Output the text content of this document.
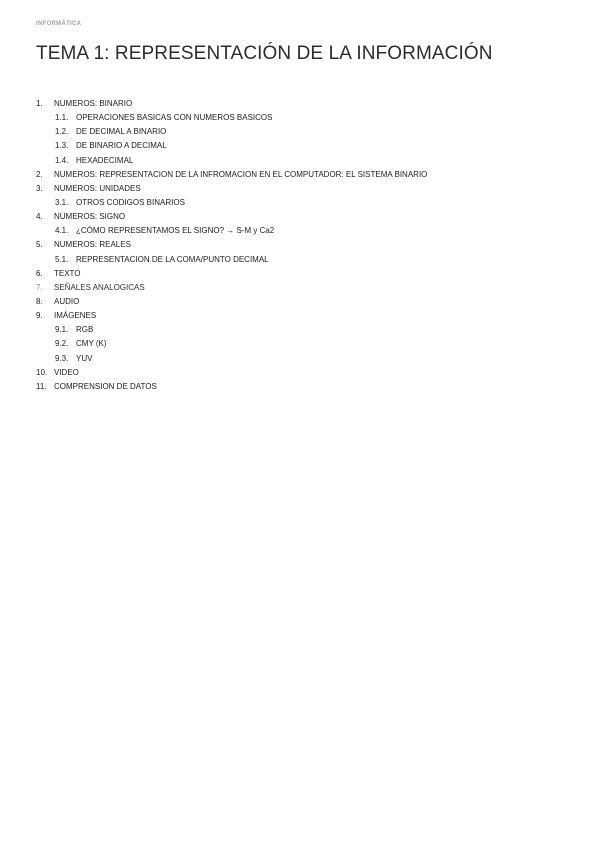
INFORMÁTICA
TEMA 1: REPRESENTACIÓN DE LA INFORMACIÓN
1. NUMEROS: BINARIO
1.1. OPERACIONES BASICAS CON NUMEROS BASICOS
1.2. DE DECIMAL A BINARIO
1.3. DE BINARIO A DECIMAL
1.4. HEXADECIMAL
2. NUMEROS: REPRESENTACION DE LA INFROMACION EN EL COMPUTADOR: EL SISTEMA BINARIO
3. NUMEROS: UNIDADES
3.1. OTROS CODIGOS BINARIOS
4. NUMEROS: SIGNO
4.1. ¿CÓMO REPRESENTAMOS EL SIGNO? → S-M y Ca2
5. NUMEROS: REALES
5.1. REPRESENTACION DE LA COMA/PUNTO DECIMAL
6. TEXTO
7. SEÑALES ANALOGICAS
8. AUDIO
9. IMÁGENES
9.1. RGB
9.2. CMY (K)
9.3. YUV
10. VIDEO
11. COMPRENSION DE DATOS
